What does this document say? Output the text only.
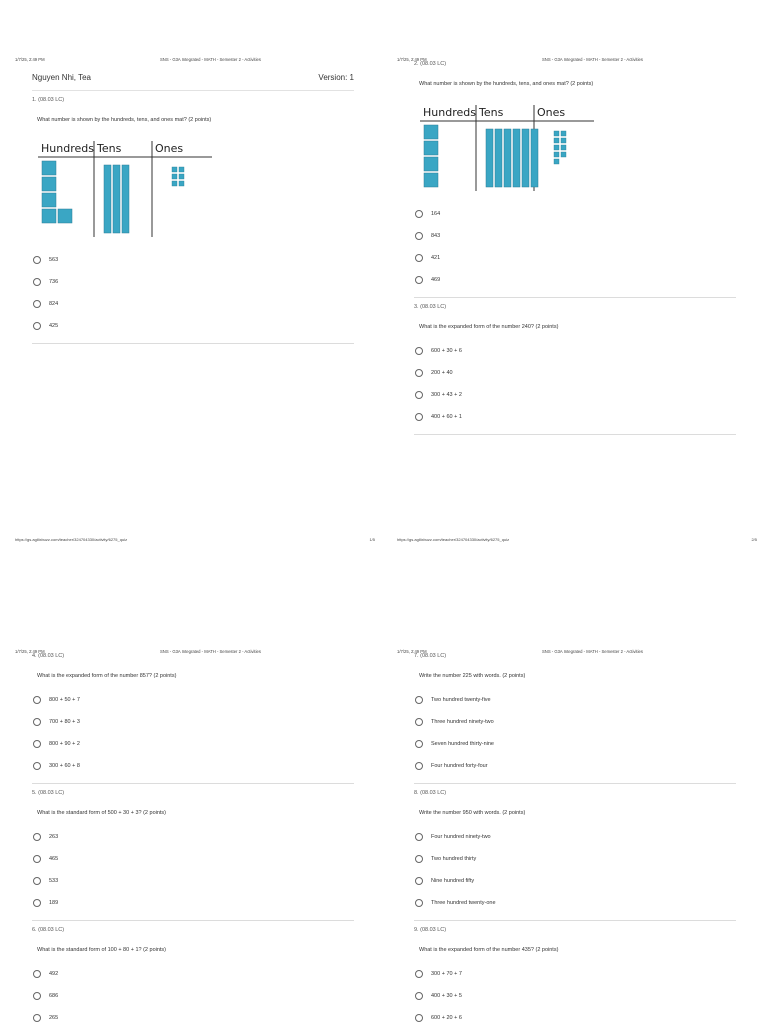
1/7/25, 2:49 PM	SNS - G3A Integrated - MATH - Semester 2 - Activities
Nguyen Nhi, Tea	Version: 1
1. (08.03 LC)
What number is shown by the hundreds, tens, and ones mat? (2 points)
Hundreds Tens	Ones
563
736
824
425
https://gs.agilixbuzz.com/teacher/324704330/activity/6275_quiz	1/5
1/7/25, 2:49 PM	SNS - G3A Integrated - MATH - Semester 2 - Activities
2. (08.03 LC)
What number is shown by the hundreds, tens, and ones mat? (2 points)
Hundreds Tens	Ones
164
843
421
469
3. (08.03 LC)
What is the expanded form of the number 240? (2 points)
600 + 30 + 6
200 + 40
300 + 43 + 2
400 + 60 + 1
https://gs.agilixbuzz.com/teacher/324704330/activity/6275_quiz	2/5
1/7/25, 2:49 PM	SNS - G3A Integrated - MATH - Semester 2 - Activities
4. (08.03 LC)
What is the expanded form of the number 857? (2 points)
800 + 50 + 7
700 + 80 + 3
800 + 90 + 2
300 + 60 + 8
5. (08.03 LC)
What is the standard form of 500 + 30 + 3? (2 points)
263
465
533
189
6. (08.03 LC)
What is the standard form of 100 + 80 + 1? (2 points)
492
686
265
1/7/25, 2:49 PM	SNS - G3A Integrated - MATH - Semester 2 - Activities
7. (08.03 LC)
Write the number 225 with words. (2 points)
Two hundred twenty-five
Three hundred ninety-two
Seven hundred thirty-nine
Four hundred forty-four
8. (08.03 LC)
Write the number 950 with words. (2 points)
Four hundred ninety-two
Two hundred thirty
Nine hundred fifty
Three hundred twenty-one
9. (08.03 LC)
What is the expanded form of the number 435? (2 points)
300 + 70 + 7
400 + 30 + 5
600 + 20 + 6
